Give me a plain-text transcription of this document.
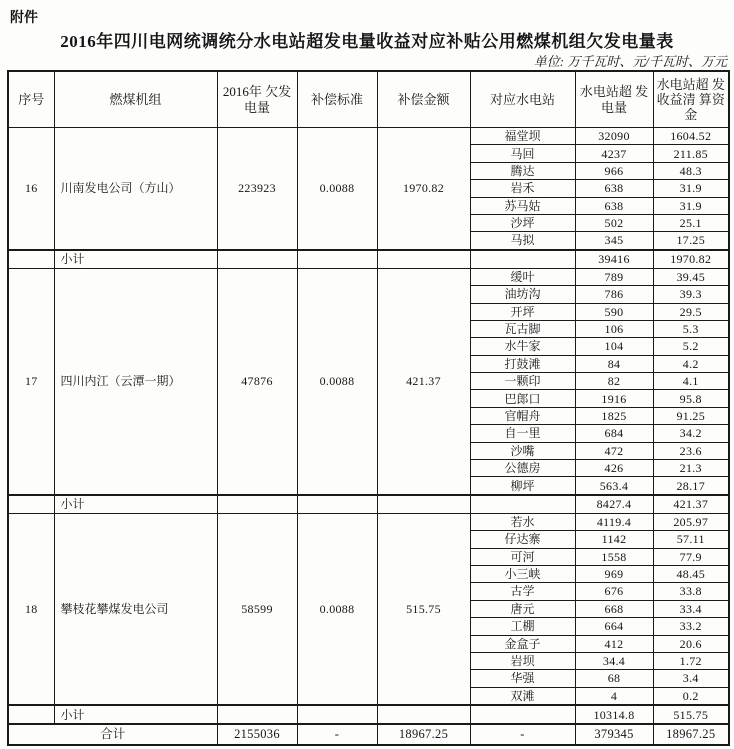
附件
2016年四川电网统调统分水电站超发电量收益对应补贴公用燃煤机组欠发电量表
单位: 万千瓦时、元/千瓦时、万元
序号	燃煤机组	2016年 欠发电量	补偿标准	补偿金额	对应水电站	水电站超 发电量	水电站超 发收益清 算资金
16	川南发电公司（方山）	223923	0.0088	1970.82	福堂坝	32090	1604.52
					马回	4237	211.85
					腾达	966	48.3
					岩禾	638	31.9
					苏马姑	638	31.9
					沙坪	502	25.1
					马拟	345	17.25
	小计					39416	1970.82
17	四川内江（云潭一期）	47876	0.0088	421.37	缓叶	789	39.45
					油坊沟	786	39.3
					开坪	590	29.5
					瓦古脚	106	5.3
					水牛家	104	5.2
					打鼓滩	84	4.2
					一颗印	82	4.1
					巴郎口	1916	95.8
					官帽舟	1825	91.25
					自一里	684	34.2
					沙嘴	472	23.6
					公德房	426	21.3
					柳坪	563.4	28.17
	小计					8427.4	421.37
18	攀枝花攀煤发电公司	58599	0.0088	515.75	若水	4119.4	205.97
					仔达寨	1142	57.11
					可河	1558	77.9
					小三峡	969	48.45
					古学	676	33.8
					唐元	668	33.4
					工棚	664	33.2
					金盒子	412	20.6
					岩坝	34.4	1.72
					华强	68	3.4
					双滩	4	0.2
	小计					10314.8	515.75
合计		2155036	-	18967.25	-	379345	18967.25
